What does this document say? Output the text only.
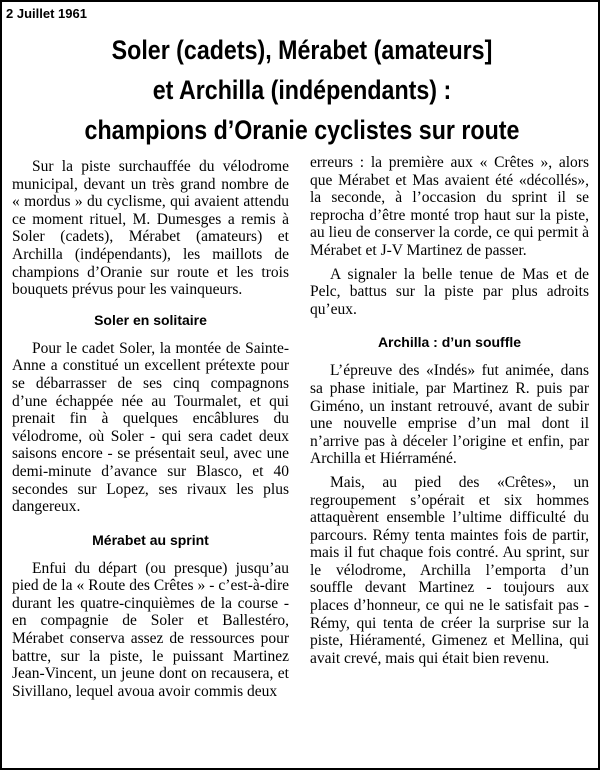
2 Juillet 1961
Soler (cadets), Mérabet (amateurs]
et Archilla (indépendants) :
champions d’Oranie cyclistes sur route

Sur la piste surchauffée du vélodrome municipal, devant un très grand nombre de « mordus » du cyclisme, qui avaient attendu ce moment rituel, M. Dumesges a remis à Soler (cadets), Mérabet (amateurs) et Archilla (indépendants), les maillots de champions d’Oranie sur route et les trois bouquets prévus pour les vainqueurs.

Soler en solitaire

Pour le cadet Soler, la montée de Sainte-Anne a constitué un excellent prétexte pour se débarrasser de ses cinq compagnons d’une échappée née au Tourmalet, et qui prenait fin à quelques encâblures du vélodrome, où Soler - qui sera cadet deux saisons encore - se présentait seul, avec une demi-minute d’avance sur Blasco, et 40 secondes sur Lopez, ses rivaux les plus dangereux.

Mérabet au sprint

Enfui du départ (ou presque) jusqu’au pied de la « Route des Crêtes » - c’est-à-dire durant les quatre-cinquièmes de la course - en compagnie de Soler et Ballestéro, Mérabet conserva assez de ressources pour battre, sur la piste, le puissant Martinez Jean-Vincent, un jeune dont on recausera, et Sivillano, lequel avoua avoir commis deux

erreurs : la première aux « Crêtes », alors que Mérabet et Mas avaient été «décollés», la seconde, à l’occasion du sprint il se reprocha d’être monté trop haut sur la piste, au lieu de conserver la corde, ce qui permit à Mérabet et J-V Martinez de passer.

A signaler la belle tenue de Mas et de Pelc, battus sur la piste par plus adroits qu’eux.

Archilla : d’un souffle

L’épreuve des «Indés» fut animée, dans sa phase initiale, par Martinez R. puis par Giméno, un instant retrouvé, avant de subir une nouvelle emprise d’un mal dont il n’arrive pas à déceler l’origine et enfin, par Archilla et Hiérraméné.

Mais, au pied des «Crêtes», un regroupement s’opérait et six hommes attaquèrent ensemble l’ultime difficulté du parcours. Rémy tenta maintes fois de partir, mais il fut chaque fois contré. Au sprint, sur le vélodrome, Archilla l’emporta d’un souffle devant Martinez - toujours aux places d’honneur, ce qui ne le satisfait pas - Rémy, qui tenta de créer la surprise sur la piste, Hiéramenté, Gimenez et Mellina, qui avait crevé, mais qui était bien revenu.
